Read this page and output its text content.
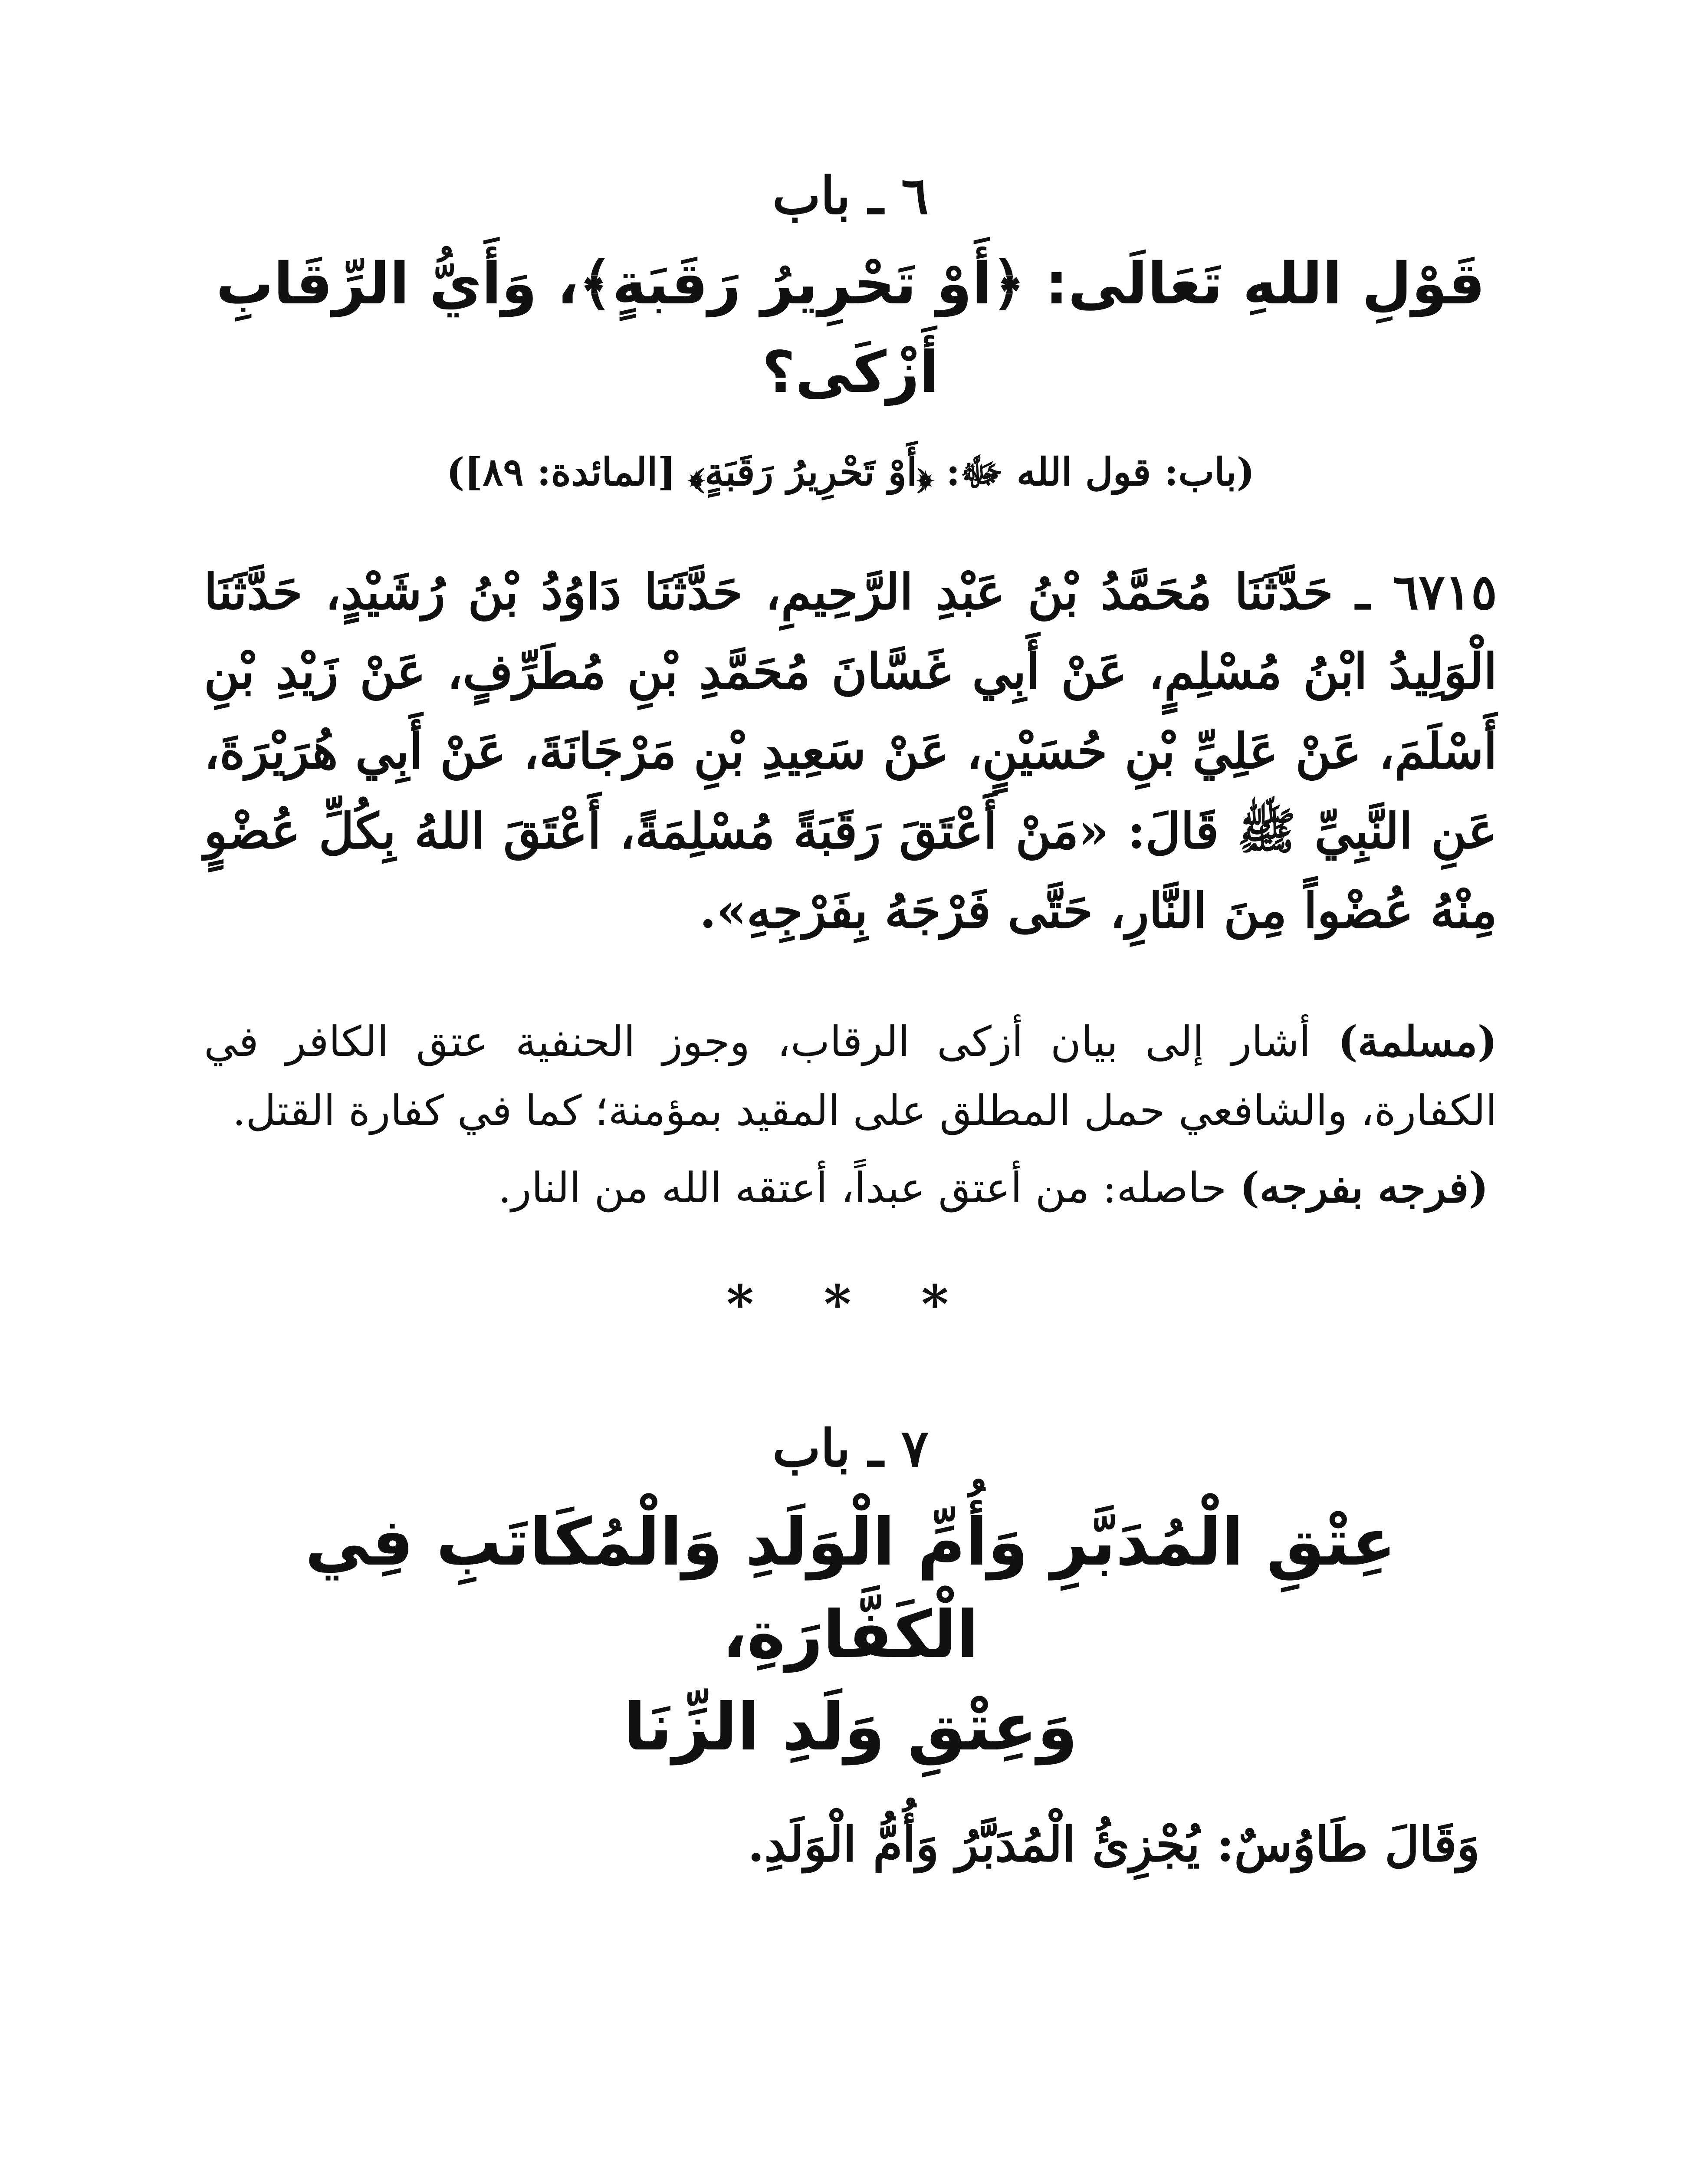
٦ ـ باب
قَوْلِ اللهِ تَعَالَى: ﴿أَوْ تَحْرِيرُ رَقَبَةٍ﴾، وَأَيُّ الرِّقَابِ أَزْكَى؟
(باب: قول الله ﷻ: ﴿أَوْ تَحْرِيرُ رَقَبَةٍ﴾ [المائدة: ٨٩])
٦٧١٥ ـ حَدَّثَنَا مُحَمَّدُ بْنُ عَبْدِ الرَّحِيمِ، حَدَّثَنَا دَاوُدُ بْنُ رُشَيْدٍ، حَدَّثَنَا الْوَلِيدُ ابْنُ مُسْلِمٍ، عَنْ أَبِي غَسَّانَ مُحَمَّدِ بْنِ مُطَرِّفٍ، عَنْ زَيْدِ بْنِ أَسْلَمَ، عَنْ عَلِيِّ بْنِ حُسَيْنٍ، عَنْ سَعِيدِ بْنِ مَرْجَانَةَ، عَنْ أَبِي هُرَيْرَةَ، عَنِ النَّبِيِّ ﷺ قَالَ: «مَنْ أَعْتَقَ رَقَبَةً مُسْلِمَةً، أَعْتَقَ اللهُ بِكُلِّ عُضْوٍ مِنْهُ عُضْواً مِنَ النَّارِ، حَتَّى فَرْجَهُ بِفَرْجِهِ».

(مسلمة) أشار إلى بيان أزكى الرقاب، وجوز الحنفية عتق الكافر في الكفارة، والشافعي حمل المطلق على المقيد بمؤمنة؛ كما في كفارة القتل.

(فرجه بفرجه) حاصله: من أعتق عبداً، أعتقه الله من النار.

* * *
٧ ـ باب
عِتْقِ الْمُدَبَّرِ وَأُمِّ الْوَلَدِ وَالْمُكَاتَبِ فِي الْكَفَّارَةِ،
وَعِتْقِ وَلَدِ الزِّنَا
وَقَالَ طَاوُسٌ: يُجْزِئُ الْمُدَبَّرُ وَأُمُّ الْوَلَدِ.
